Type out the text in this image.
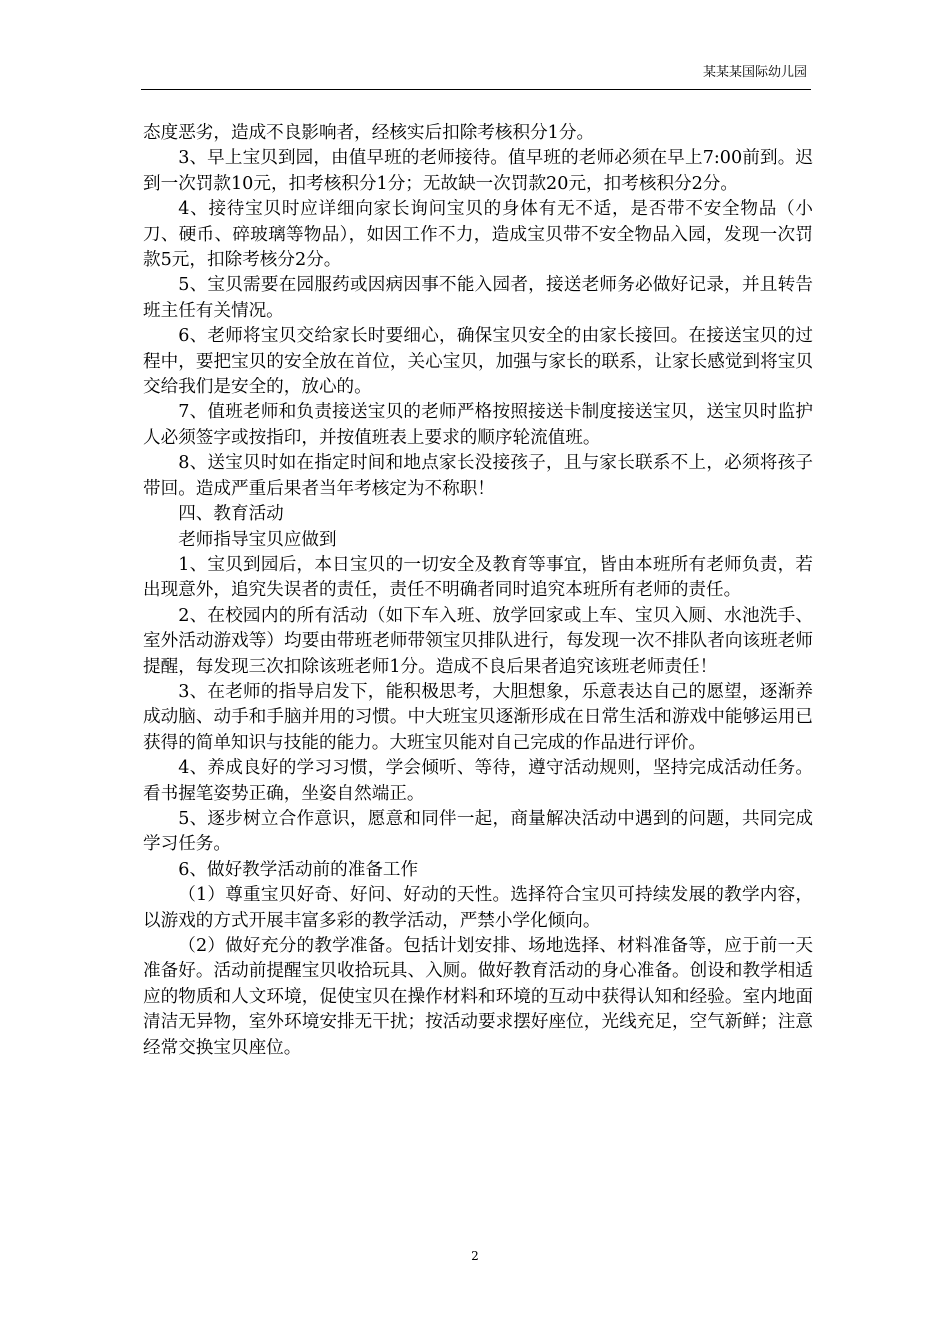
某某某国际幼儿园

态度恶劣，造成不良影响者，经核实后扣除考核积分1分。

3、早上宝贝到园，由值早班的老师接待。值早班的老师必须在早上7:00前到。迟到一次罚款10元，扣考核积分1分；无故缺一次罚款20元，扣考核积分2分。

4、接待宝贝时应详细向家长询问宝贝的身体有无不适，是否带不安全物品（小刀、硬币、碎玻璃等物品），如因工作不力，造成宝贝带不安全物品入园，发现一次罚款5元，扣除考核分2分。

5、宝贝需要在园服药或因病因事不能入园者，接送老师务必做好记录，并且转告班主任有关情况。

6、老师将宝贝交给家长时要细心，确保宝贝安全的由家长接回。在接送宝贝的过程中，要把宝贝的安全放在首位，关心宝贝，加强与家长的联系，让家长感觉到将宝贝交给我们是安全的，放心的。

7、值班老师和负责接送宝贝的老师严格按照接送卡制度接送宝贝，送宝贝时监护人必须签字或按指印，并按值班表上要求的顺序轮流值班。

8、送宝贝时如在指定时间和地点家长没接孩子，且与家长联系不上，必须将孩子带回。造成严重后果者当年考核定为不称职！

四、教育活动

老师指导宝贝应做到

1、宝贝到园后，本日宝贝的一切安全及教育等事宜，皆由本班所有老师负责，若出现意外，追究失误者的责任，责任不明确者同时追究本班所有老师的责任。

2、在校园内的所有活动（如下车入班、放学回家或上车、宝贝入厕、水池洗手、室外活动游戏等）均要由带班老师带领宝贝排队进行，每发现一次不排队者向该班老师提醒，每发现三次扣除该班老师1分。造成不良后果者追究该班老师责任！

3、在老师的指导启发下，能积极思考，大胆想象，乐意表达自己的愿望，逐渐养成动脑、动手和手脑并用的习惯。中大班宝贝逐渐形成在日常生活和游戏中能够运用已获得的简单知识与技能的能力。大班宝贝能对自己完成的作品进行评价。

4、养成良好的学习习惯，学会倾听、等待，遵守活动规则，坚持完成活动任务。看书握笔姿势正确，坐姿自然端正。

5、逐步树立合作意识，愿意和同伴一起，商量解决活动中遇到的问题，共同完成学习任务。

6、做好教学活动前的准备工作

（1）尊重宝贝好奇、好问、好动的天性。选择符合宝贝可持续发展的教学内容，以游戏的方式开展丰富多彩的教学活动，严禁小学化倾向。

（2）做好充分的教学准备。包括计划安排、场地选择、材料准备等，应于前一天准备好。活动前提醒宝贝收拾玩具、入厕。做好教育活动的身心准备。创设和教学相适应的物质和人文环境，促使宝贝在操作材料和环境的互动中获得认知和经验。室内地面清洁无异物，室外环境安排无干扰；按活动要求摆好座位，光线充足，空气新鲜；注意经常交换宝贝座位。

2
